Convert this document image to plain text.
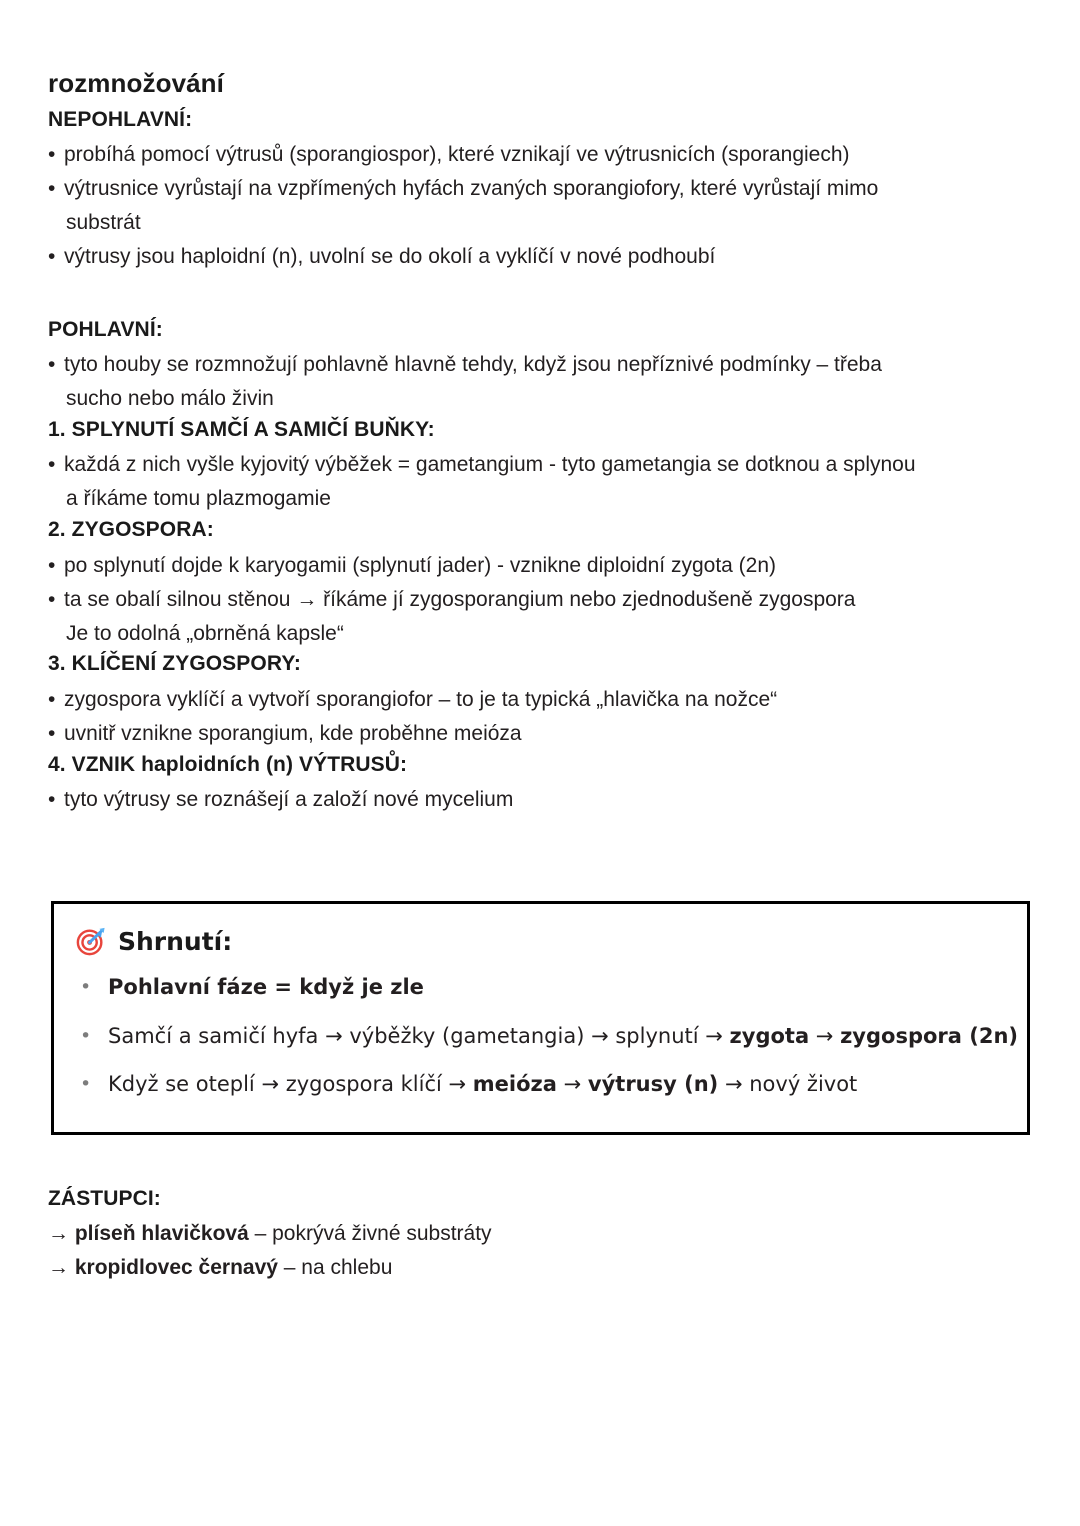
rozmnožování
NEPOHLAVNÍ:
• probíhá pomocí výtrusů (sporangiospor), které vznikají ve výtrusnicích (sporangiech)
• výtrusnice vyrůstají na vzpřímených hyfách zvaných sporangiofory, které vyrůstají mimo
substrát
• výtrusy jsou haploidní (n), uvolní se do okolí a vyklíčí v nové podhoubí
POHLAVNÍ:
• tyto houby se rozmnožují pohlavně hlavně tehdy, když jsou nepříznivé podmínky – třeba
sucho nebo málo živin
1. SPLYNUTÍ SAMČÍ A SAMIČÍ BUŇKY:
• každá z nich vyšle kyjovitý výběžek = gametangium - tyto gametangia se dotknou a splynou
a říkáme tomu plazmogamie
2. ZYGOSPORA:
• po splynutí dojde k karyogamii (splynutí jader) - vznikne diploidní zygota (2n)
• ta se obalí silnou stěnou → říkáme jí zygosporangium nebo zjednodušeně zygospora
Je to odolná „obrněná kapsle“
3. KLÍČENÍ ZYGOSPORY:
• zygospora vyklíčí a vytvoří sporangiofor – to je ta typická „hlavička na nožce“
• uvnitř vznikne sporangium, kde proběhne meióza
4. VZNIK haploidních (n) VÝTRUSŮ:
• tyto výtrusy se roznášejí a založí nové mycelium
Shrnutí:
• Pohlavní fáze = když je zle
• Samčí a samičí hyfa → výběžky (gametangia) → splynutí → zygota → zygospora (2n)
• Když se oteplí → zygospora klíčí → meióza → výtrusy (n) → nový život
ZÁSTUPCI:
→ plíseň hlavičková – pokrývá živné substráty
→ kropidlovec černavý – na chlebu
